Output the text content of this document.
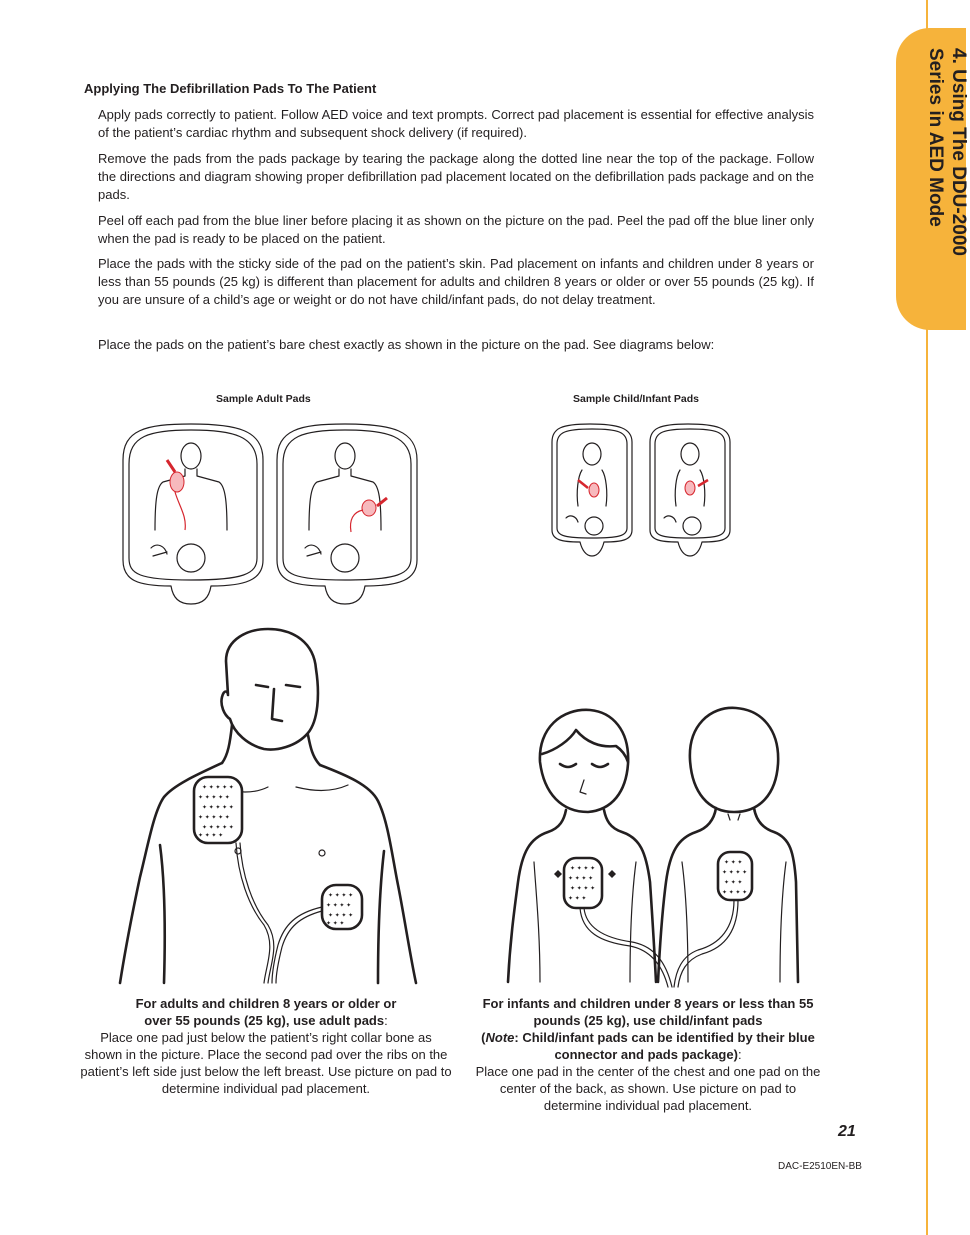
4. Using The DDU-2000
Series in AED Mode
Applying The Defibrillation Pads To The Patient

Apply pads correctly to patient. Follow AED voice and text prompts. Correct pad placement is essential for effective analysis of the patient’s cardiac rhythm and subsequent shock delivery (if required).

Remove the pads from the pads package by tearing the package along the dotted line near the top of the package. Follow the directions and diagram showing proper defibrillation pad placement located on the defibrillation pads package and on the pads.

Peel off each pad from the blue liner before placing it as shown on the picture on the pad. Peel the pad off the blue liner only when the pad is ready to be placed on the patient.

Place the pads with the sticky side of the pad on the patient’s skin. Pad placement on infants and children under 8 years or less than 55 pounds (25 kg) is different than placement for adults and children 8 years or older or over 55 pounds (25 kg). If you are unsure of a child’s age or weight or do not have child/infant pads, do not delay treatment.

Place the pads on the patient’s bare chest exactly as shown in the picture on the pad. See diagrams below:

Sample Adult Pads	Sample Child/Infant Pads
✦ ✦ ✦ ✦ ✦
✦ ✦ ✦ ✦ ✦
✦ ✦ ✦ ✦ ✦
✦ ✦ ✦ ✦ ✦
✦ ✦ ✦ ✦ ✦
✦ ✦ ✦ ✦
✦ ✦ ✦ ✦
✦ ✦ ✦ ✦
✦ ✦ ✦ ✦
✦ ✦ ✦
✦ ✦ ✦ ✦
✦ ✦ ✦ ✦
✦ ✦ ✦ ✦
✦ ✦ ✦
✦ ✦ ✦
✦ ✦ ✦ ✦
✦ ✦ ✦
✦ ✦ ✦ ✦
For adults and children 8 years or older or
over 55 pounds (25 kg), use adult pads:
Place one pad just below the patient’s right collar bone as shown in the picture. Place the second pad over the ribs on the patient’s left side just below the left breast. Use picture on pad to determine individual pad placement.
For infants and children under 8 years or less than 55 pounds (25 kg), use child/infant pads
(Note: Child/infant pads can be identified by their blue connector and pads package):
Place one pad in the center of the chest and one pad on the center of the back, as shown. Use picture on pad to determine individual pad placement.
21
DAC-E2510EN-BB
